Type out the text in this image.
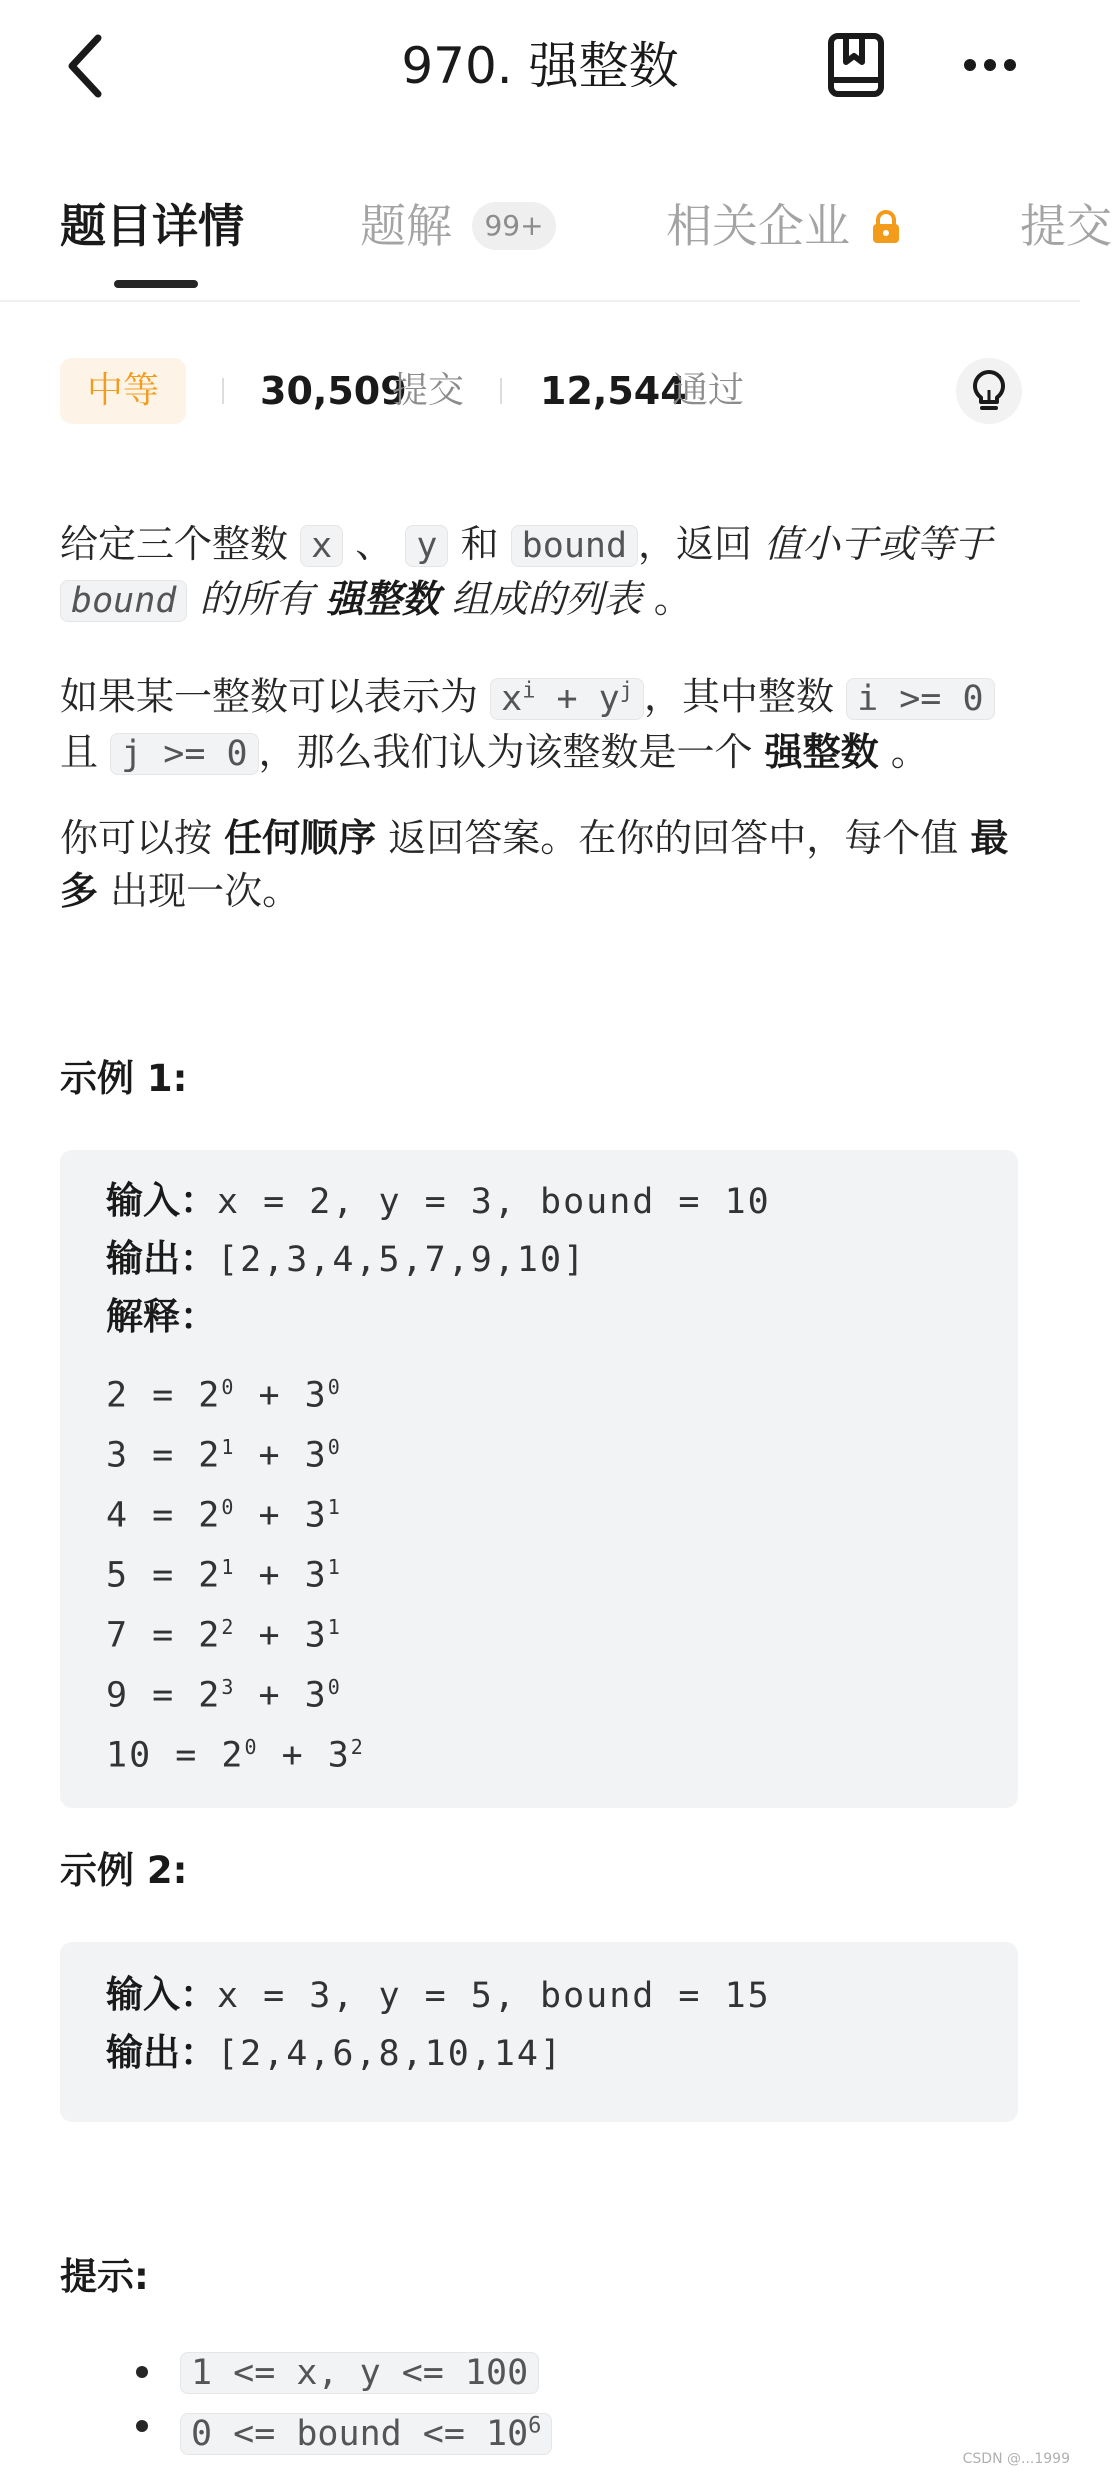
970. 强整数
题目详情	题解	99+	相关企业	提交
中等	30,509
提交 12,544
通过
给定三个整数 x 、 y 和 bound ，返回 值小于或等于 bound 的所有 强整数 组成的列表 。
如果某一整数可以表示为 $x^i + y^j$ ，其中整数 i >= 0 且 j >= 0 ，那么我们认为该整数是一个 强整数 。
你可以按 任何顺序 返回答案。在你的回答中，每个值 最多 出现一次。
示例 1:
输入：x = 2, y = 3, bound = 10
输出：[2,3,4,5,7,9,10]
解释：
$2 = 2^0 + 3^0$
$3 = 2^1 + 3^0$
$4 = 2^0 + 3^1$
$5 = 2^1 + 3^1$
$7 = 2^2 + 3^1$
$9 = 2^3 + 3^0$
$10 = 2^0 + 3^2$
示例 2:
输入：x = 3, y = 5, bound = 15
输出：[2,4,6,8,10,14]
提示:
1 <= x, y <= 100
0 <= bound <= $10^6$
CSDN @...1999
